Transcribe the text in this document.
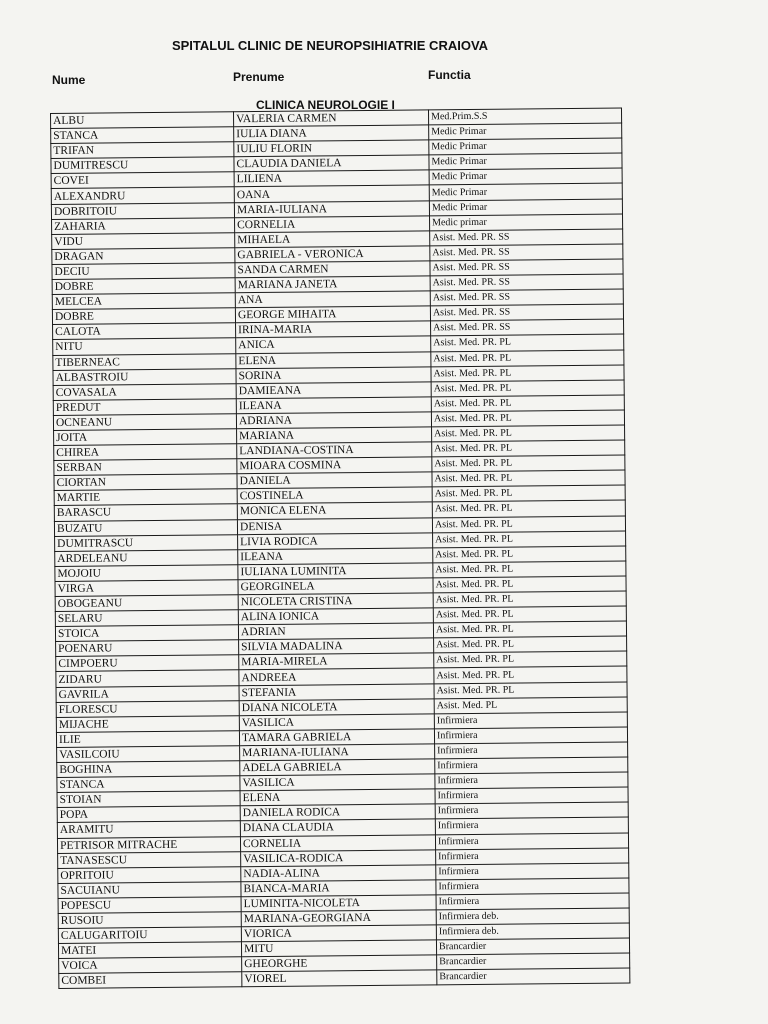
SPITALUL CLINIC DE NEUROPSIHIATRIE CRAIOVA
Nume	Prenume	Functia
CLINICA NEUROLOGIE I
ALBU	VALERIA CARMEN	Med.Prim.S.S
STANCA	IULIA DIANA	Medic Primar
TRIFAN	IULIU FLORIN	Medic Primar
DUMITRESCU	CLAUDIA DANIELA	Medic Primar
COVEI	LILIENA	Medic Primar
ALEXANDRU	OANA	Medic Primar
DOBRITOIU	MARIA-IULIANA	Medic Primar
ZAHARIA	CORNELIA	Medic primar
VIDU	MIHAELA	Asist. Med. PR. SS
DRAGAN	GABRIELA - VERONICA	Asist. Med. PR. SS
DECIU	SANDA CARMEN	Asist. Med. PR. SS
DOBRE	MARIANA JANETA	Asist. Med. PR. SS
MELCEA	ANA	Asist. Med. PR. SS
DOBRE	GEORGE MIHAITA	Asist. Med. PR. SS
CALOTA	IRINA-MARIA	Asist. Med. PR. SS
NITU	ANICA	Asist. Med. PR. PL
TIBERNEAC	ELENA	Asist. Med. PR. PL
ALBASTROIU	SORINA	Asist. Med. PR. PL
COVASALA	DAMIEANA	Asist. Med. PR. PL
PREDUT	ILEANA	Asist. Med. PR. PL
OCNEANU	ADRIANA	Asist. Med. PR. PL
JOITA	MARIANA	Asist. Med. PR. PL
CHIREA	LANDIANA-COSTINA	Asist. Med. PR. PL
SERBAN	MIOARA COSMINA	Asist. Med. PR. PL
CIORTAN	DANIELA	Asist. Med. PR. PL
MARTIE	COSTINELA	Asist. Med. PR. PL
BARASCU	MONICA ELENA	Asist. Med. PR. PL
BUZATU	DENISA	Asist. Med. PR. PL
DUMITRASCU	LIVIA RODICA	Asist. Med. PR. PL
ARDELEANU	ILEANA	Asist. Med. PR. PL
MOJOIU	IULIANA LUMINITA	Asist. Med. PR. PL
VIRGA	GEORGINELA	Asist. Med. PR. PL
OBOGEANU	NICOLETA CRISTINA	Asist. Med. PR. PL
SELARU	ALINA IONICA	Asist. Med. PR. PL
STOICA	ADRIAN	Asist. Med. PR. PL
POENARU	SILVIA MADALINA	Asist. Med. PR. PL
CIMPOERU	MARIA-MIRELA	Asist. Med. PR. PL
ZIDARU	ANDREEA	Asist. Med. PR. PL
GAVRILA	STEFANIA	Asist. Med. PR. PL
FLORESCU	DIANA NICOLETA	Asist. Med. PL
MIJACHE	VASILICA	Infirmiera
ILIE	TAMARA GABRIELA	Infirmiera
VASILCOIU	MARIANA-IULIANA	Infirmiera
BOGHINA	ADELA GABRIELA	Infirmiera
STANCA	VASILICA	Infirmiera
STOIAN	ELENA	Infirmiera
POPA	DANIELA RODICA	Infirmiera
ARAMITU	DIANA CLAUDIA	Infirmiera
PETRISOR MITRACHE	CORNELIA	Infirmiera
TANASESCU	VASILICA-RODICA	Infirmiera
OPRITOIU	NADIA-ALINA	Infirmiera
SACUIANU	BIANCA-MARIA	Infirmiera
POPESCU	LUMINITA-NICOLETA	Infirmiera
RUSOIU	MARIANA-GEORGIANA	Infirmiera deb.
CALUGARITOIU	VIORICA	Infirmiera deb.
MATEI	MITU	Brancardier
VOICA	GHEORGHE	Brancardier
COMBEI	VIOREL	Brancardier
